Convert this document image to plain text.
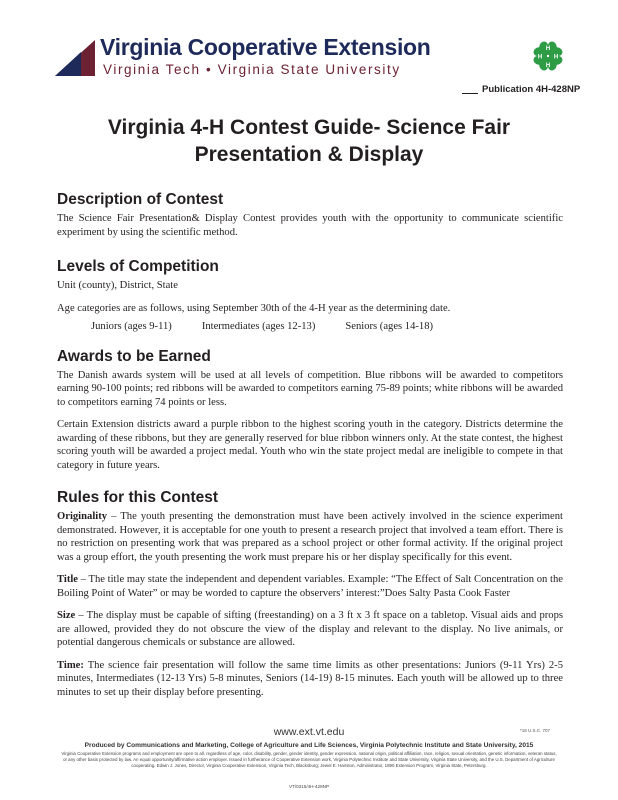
Virginia Cooperative Extension
Virginia Tech • Virginia State University
H
H
H H
Publication 4H-428NP
Virginia 4-H Contest Guide- Science Fair
Presentation & Display
Description of Contest

The Science Fair Presentation& Display Contest provides youth with the opportunity to communicate scientific experiment by using the scientific method.

Levels of Competition

Unit (county), District, State

Age categories are as follows, using September 30th of the 4-H year as the determining date.

Juniors (ages 9-11)	Intermediates (ages 12-13)	Seniors (ages 14-18)
Awards to be Earned

The Danish awards system will be used at all levels of competition. Blue ribbons will be awarded to competitors earning 90-100 points; red ribbons will be awarded to competitors earning 75-89 points; white ribbons will be awarded to competitors earning 74 points or less.

Certain Extension districts award a purple ribbon to the highest scoring youth in the category. Districts determine the awarding of these ribbons, but they are generally reserved for blue ribbon winners only. At the state contest, the highest scoring youth will be awarded a project medal. Youth who win the state project medal are ineligible to compete in that category in future years.

Rules for this Contest

Originality – The youth presenting the demonstration must have been actively involved in the science experiment demonstrated. However, it is acceptable for one youth to present a research project that involved a team effort. There is no restriction on presenting work that was prepared as a school project or other formal activity. If the original project was a group effort, the youth presenting the work must prepare his or her display specifically for this event.

Title – The title may state the independent and dependent variables. Example: “The Effect of Salt Concentration on the Boiling Point of Water” or may be worded to capture the observers’ interest:”Does Salty Pasta Cook Faster

Size – The display must be capable of sifting (freestanding) on a 3 ft x 3 ft space on a tabletop. Visual aids and props are allowed, provided they do not obscure the view of the display and relevant to the display. No live animals, or potential dangerous chemicals or substance are allowed.

Time: The science fair presentation will follow the same time limits as other presentations: Juniors (9-11 Yrs) 2-5 minutes, Intermediates (12-13 Yrs) 5-8 minutes, Seniors (14-19) 8-15 minutes. Each youth will be allowed up to three minutes to set up their display before presenting.

www.ext.vt.edu	*18 U.S.C. 707
Produced by Communications and Marketing, College of Agriculture and Life Sciences, Virginia Polytechnic Institute and State University, 2015
Virginia Cooperative Extension programs and employment are open to all, regardless of age, color, disability, gender, gender identity, gender expression, national origin, political affiliation, race, religion, sexual orientation, genetic information, veteran status, or any other basis protected by law. An equal opportunity/affirmative action employer. Issued in furtherance of Cooperative Extension work, Virginia Polytechnic Institute and State University, Virginia State University, and the U.S. Department of Agriculture cooperating. Edwin J. Jones, Director, Virginia Cooperative Extension, Virginia Tech, Blacksburg; Jewel E. Hairston, Administrator, 1890 Extension Program, Virginia State, Petersburg.
VT/0315/4H-428NP
